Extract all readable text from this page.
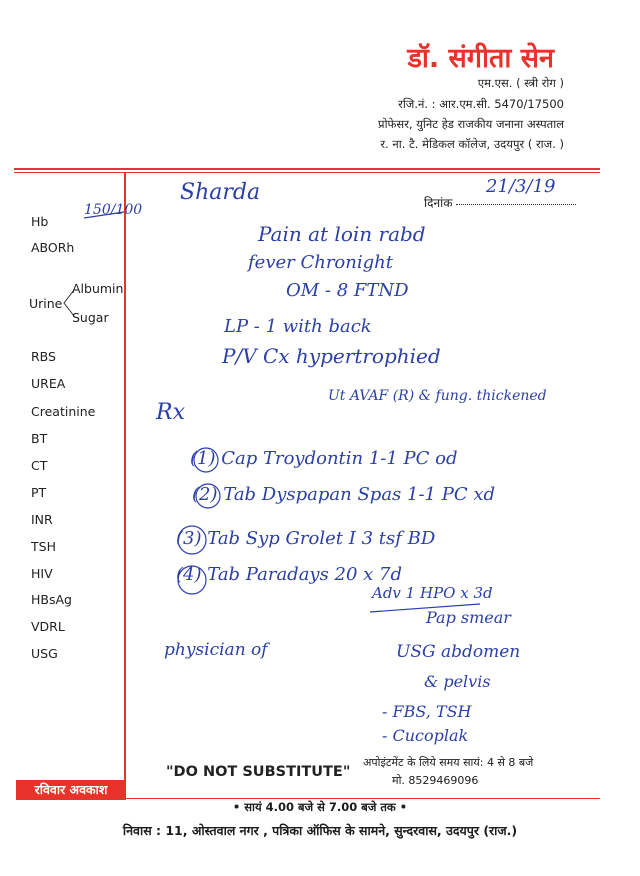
डॉ. संगीता सेन
एम.एस. ( स्त्री रोग )
रजि.नं. : आर.एम.सी. 5470/17500
प्रोफेसर, युनिट हेड राजकीय जनाना अस्पताल
र. ना. टै. मेडिकल कॉलेज, उदयपुर ( राज. )
दिनांक
Hb
ABORh
Urine
Albumin
Sugar
RBS
UREA
Creatinine
BT
CT
PT
INR
TSH
HIV
HBsAg
VDRL
USG
150/100
21/3/19
Sharda
Pain at loin rabd
fever Chronight
OM - 8 FTND
LP - 1 with back
P/V Cx hypertrophied
Ut AVAF (R) & fung. thickened
Rx
(1) Cap Troydontin 1-1 PC od
(2) Tab Dyspapan Spas 1-1 PC xd
(3) Tab Syp Grolet I 3 tsf BD
(4) Tab Paradays 20 x 7d
Adv 1 HPO x 3d
Pap smear
physician of	USG abdomen
& pelvis
- FBS, TSH
- Cucoplak
"DO NOT SUBSTITUTE"
अपोइंटमेंट के लिये समय सायं: 4 से 8 बजे
मो. 8529469096
रविवार अवकाश
• सायं 4.00 बजे से 7.00 बजे तक •
निवास : 11, ओस्तवाल नगर , पत्रिका ऑफिस के सामने, सुन्दरवास, उदयपुर (राज.)
